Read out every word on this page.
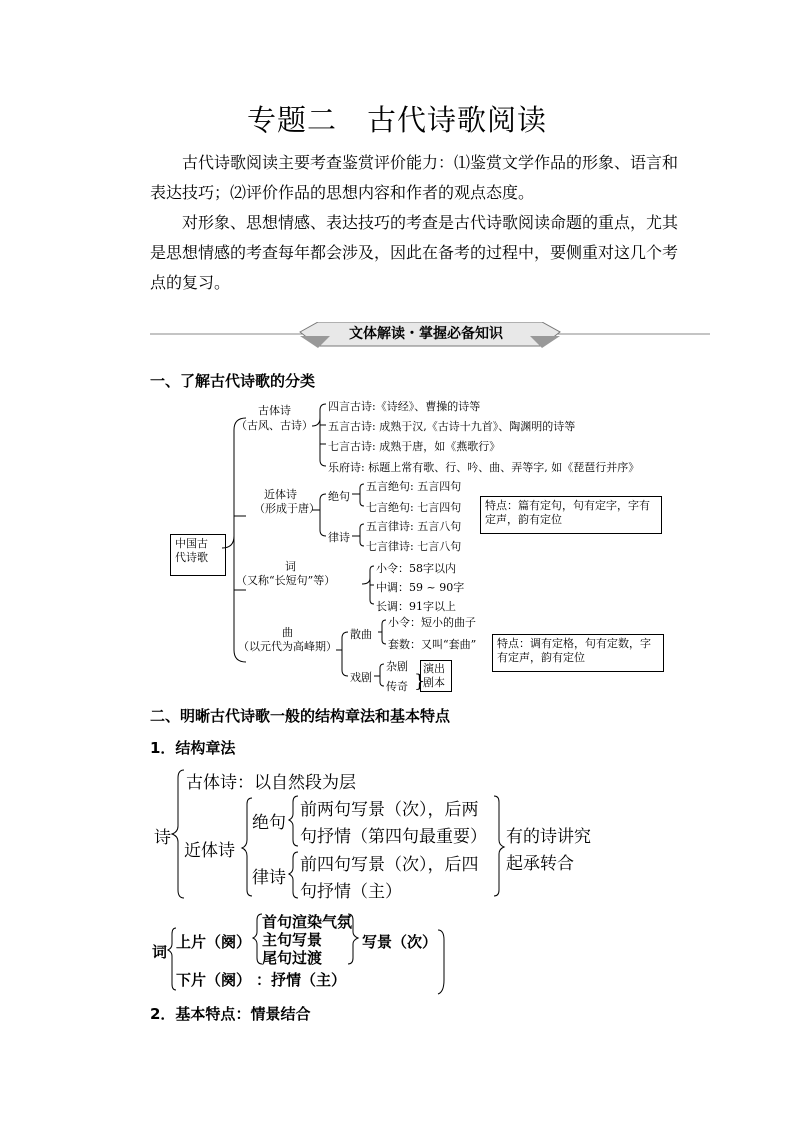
专题二 古代诗歌阅读

古代诗歌阅读主要考查鉴赏评价能力：⑴鉴赏文学作品的形象、语言和表达技巧；⑵评价作品的思想内容和作者的观点态度。

对形象、思想情感、表达技巧的考查是古代诗歌阅读命题的重点，尤其是思想情感的考查每年都会涉及，因此在备考的过程中，要侧重对这几个考点的复习。

文体解读・掌握必备知识
一、了解古代诗歌的分类
中国古
代诗歌
古体诗
（古风、古诗）
四言古诗:《诗经》、曹操的诗等
五言古诗: 成熟于汉,《古诗十九首》、陶渊明的诗等
七言古诗: 成熟于唐，如《燕歌行》
乐府诗: 标题上常有歌、行、吟、曲、弄等字, 如《琵琶行并序》
近体诗
（形成于唐）
绝句
五言绝句: 五言四句
七言绝句: 七言四句
律诗
五言律诗: 五言八句
七言律诗: 七言八句
特点：篇有定句，句有定字，字有定声，韵有定位
词
（又称“长短句”等）
小令：58字以内
中调：59 ~ 90字
长调：91字以上
曲
（以元代为高峰期）
散曲
小令：短小的曲子
套数：又叫“套曲”
戏剧
杂剧
传奇 }
演出
剧本
特点：调有定格，句有定数，字有定声，韵有定位
二、明晰古代诗歌一般的结构章法和基本特点
1．结构章法
诗
古体诗：以自然段为层
近体诗
绝句
前两句写景（次），后两
句抒情（第四句最重要）
律诗
前四句写景（次），后四
句抒情（主）
有的诗讲究
起承转合
词
上片（阕）
首句渲染气氛
主句写景
尾句过渡
写景（次）
下片（阕） ：抒情（主）
2．基本特点：情景结合
